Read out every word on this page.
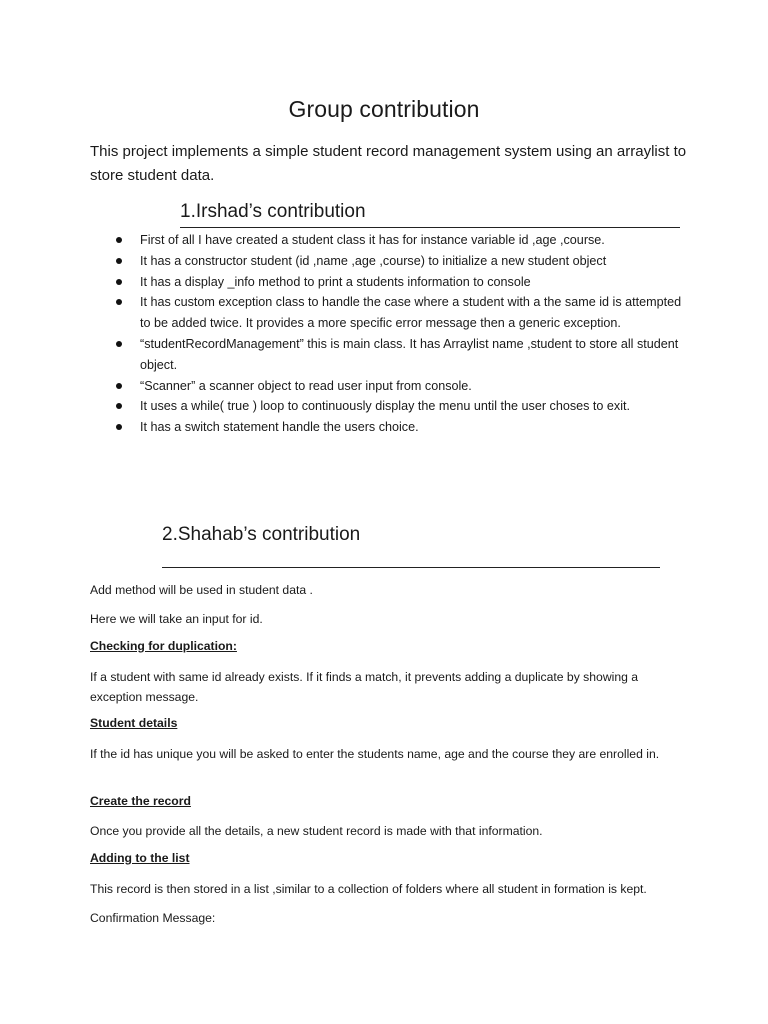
Group contribution

This project implements a simple student record management system using an arraylist to store student data.

1.Irshad’s contribution
First of all I have created a student class it has for instance variable id ,age ,course.
It has a constructor student (id ,name ,age ,course) to initialize a new student object
It has a display _info method to print a students information to console
It has custom exception class to handle the case where a student with a the same id is attempted to be added twice. It provides a more specific error message then a generic exception.
“studentRecordManagement” this is main class. It has Arraylist name ,student to store all student object.
“Scanner” a scanner object to read user input from console.
It uses a while( true ) loop to continuously display the menu until the user choses to exit.
It has a switch statement handle the users choice.
2.Shahab’s contribution

Add method will be used in student data .

Here we will take an input for id.

Checking for duplication:

If a student with same id already exists. If it finds a match, it prevents adding a duplicate by showing a exception message.

Student details

If the id has unique you will be asked to enter the students name, age and the course they are enrolled in.

Create the record

Once you provide all the details, a new student record is made with that information.

Adding to the list

This record is then stored in a list ,similar to a collection of folders where all student in formation is kept.

Confirmation Message:
